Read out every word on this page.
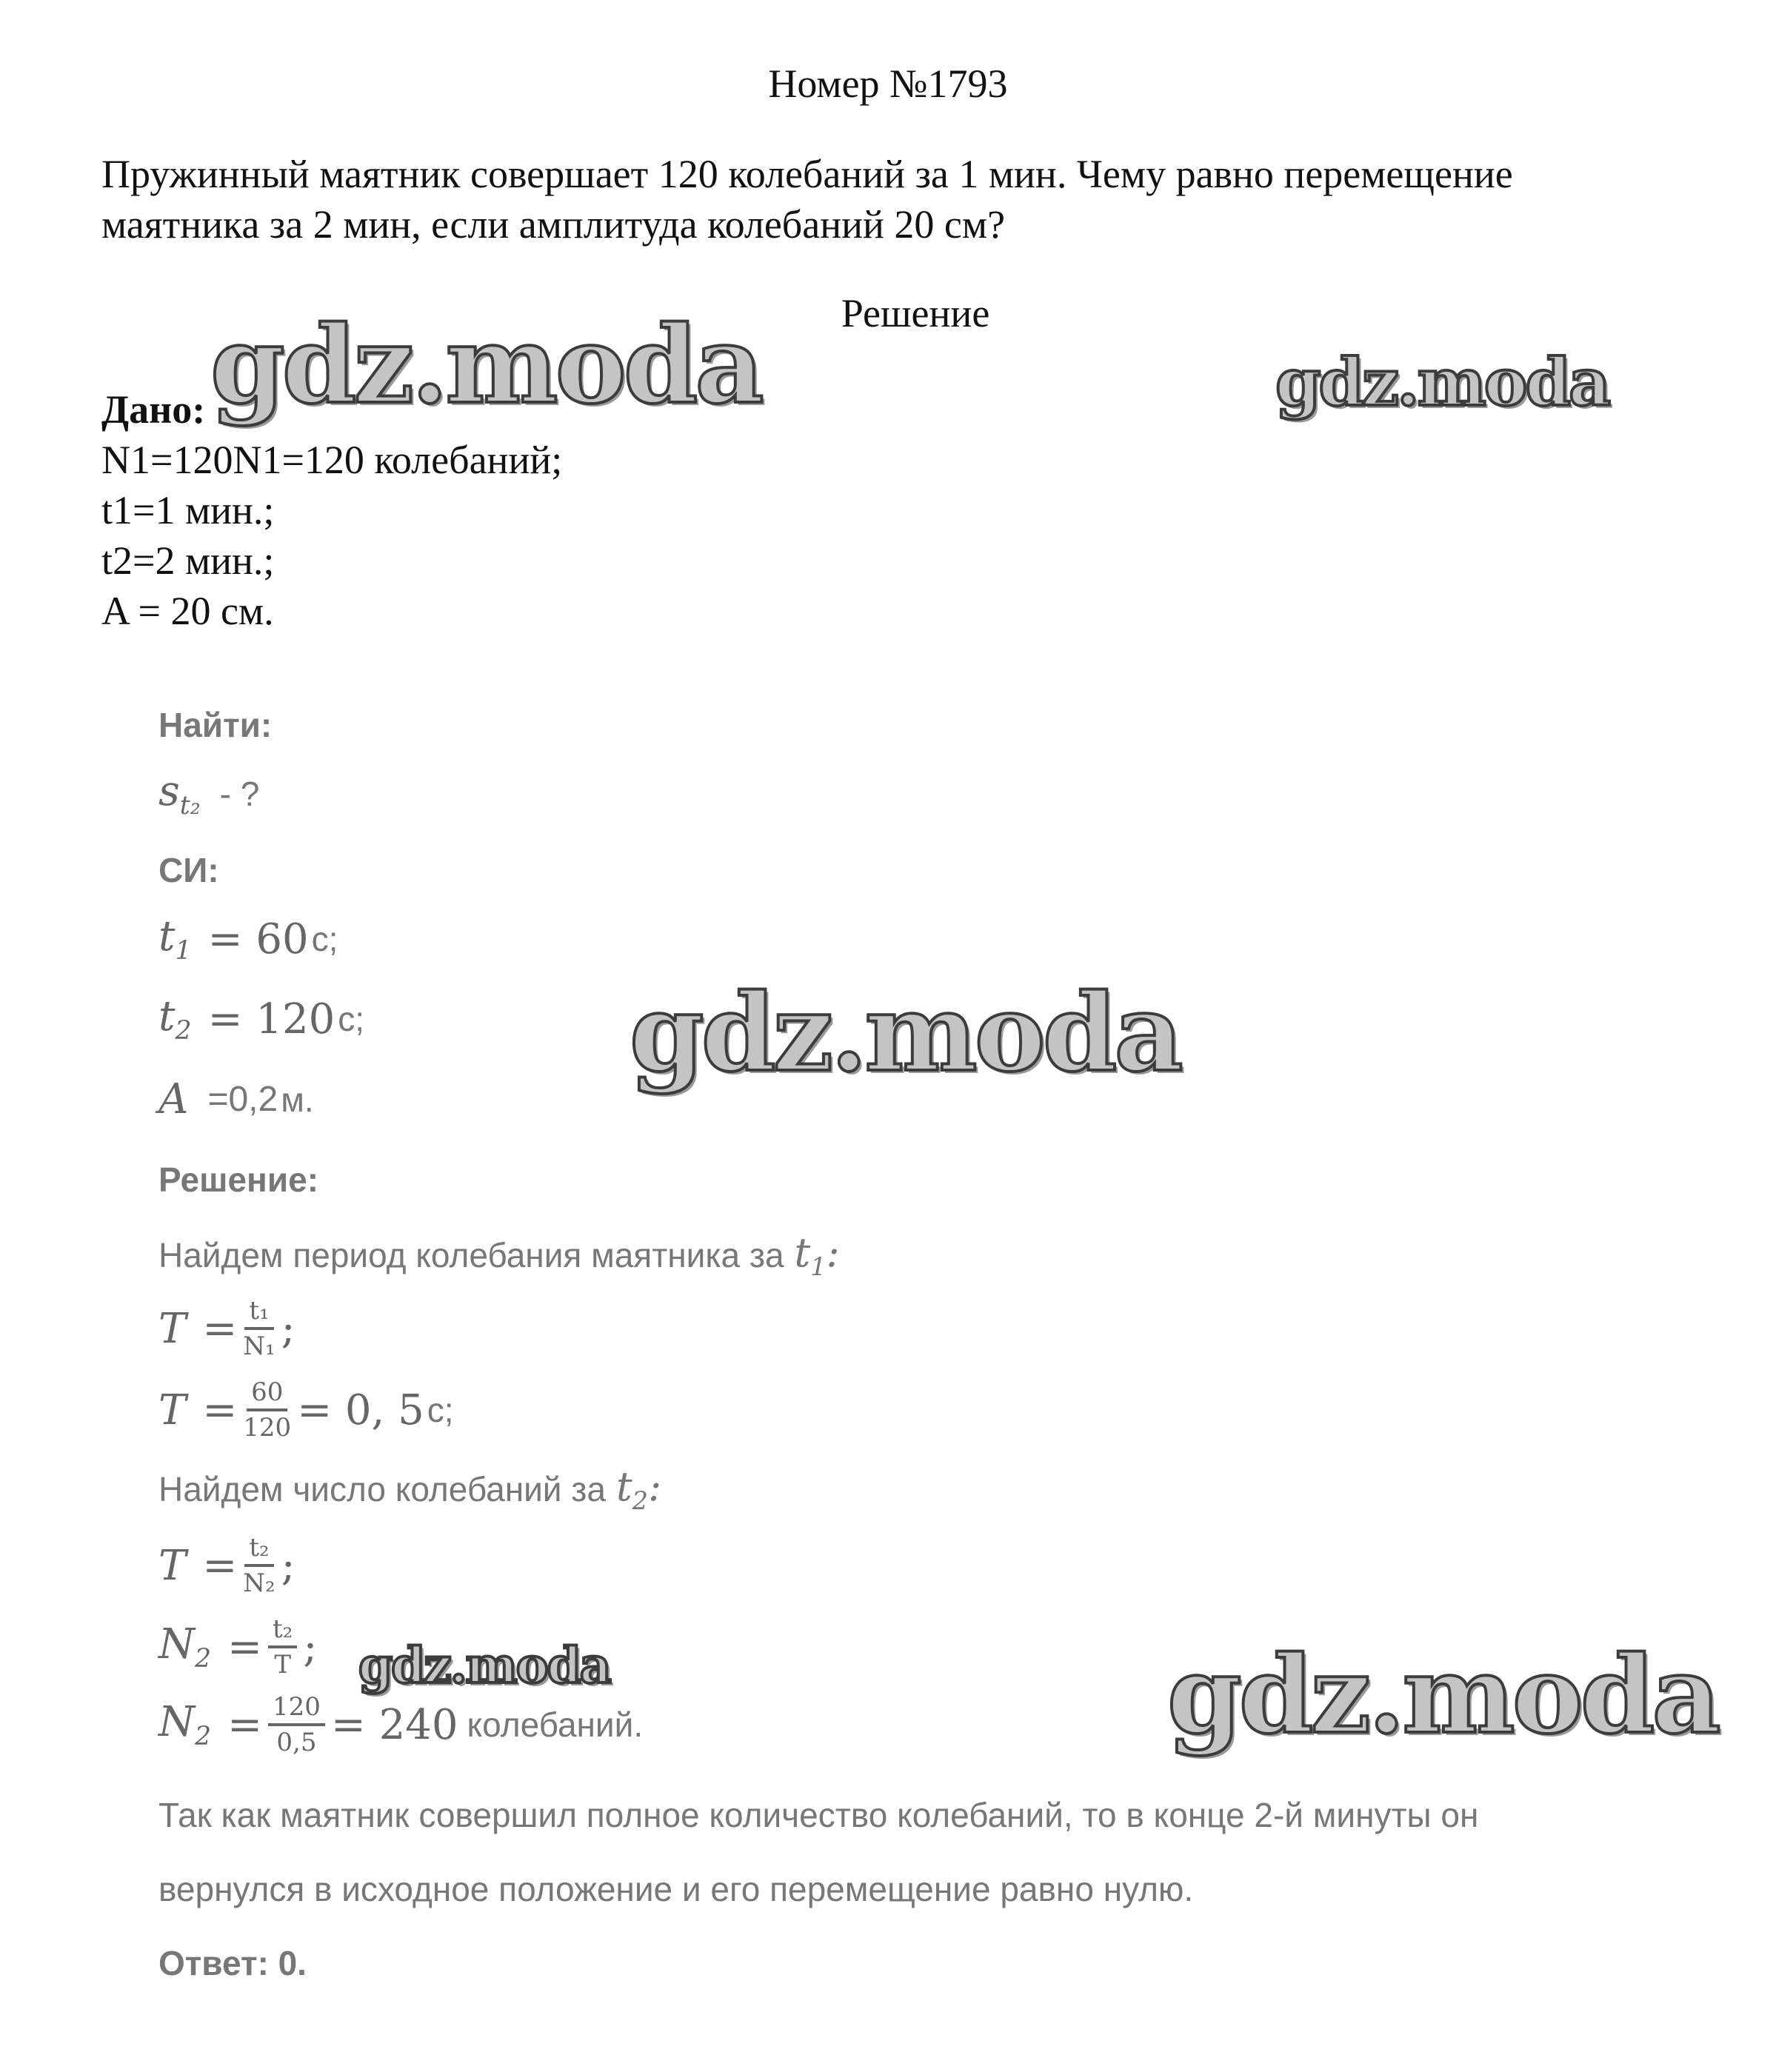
Номер №1793
Пружинный маятник совершает 120 колебаний за 1 мин. Чему равно перемещение
маятника за 2 мин, если амплитуда колебаний 20 см?
Решение
Дано:
N1=120N1=120 колебаний;
t1=1 мин.;
t2=2 мин.;
A = 20 см.
Найти:
$s_{t_2}$ - ?
СИ:
$t_1 = 60$ с;
$t_2 = 120$ с;
A =0,2 м.
Решение:
Найдем период колебания маятника за $t_1$:
$T = \frac{\text{t₁}}{\text{N₁}}$ ;
$T = \frac{60}{120} = 0$, 5 с;
Найдем число колебаний за $t_2$:
$T = \frac{\text{t₂}}{\text{N₂}}$ ;
$N_2 = \frac{\text{t₂}}{T}$ ;
$N_2 = \frac{120}{0,5} = 240$ колебаний.
Так как маятник совершил полное количество колебаний, то в конце 2-й минуты он
вернулся в исходное положение и его перемещение равно нулю.
Ответ: 0.
gdz.moda	gdz.moda
gdz.moda
gdz.moda	gdz.moda
